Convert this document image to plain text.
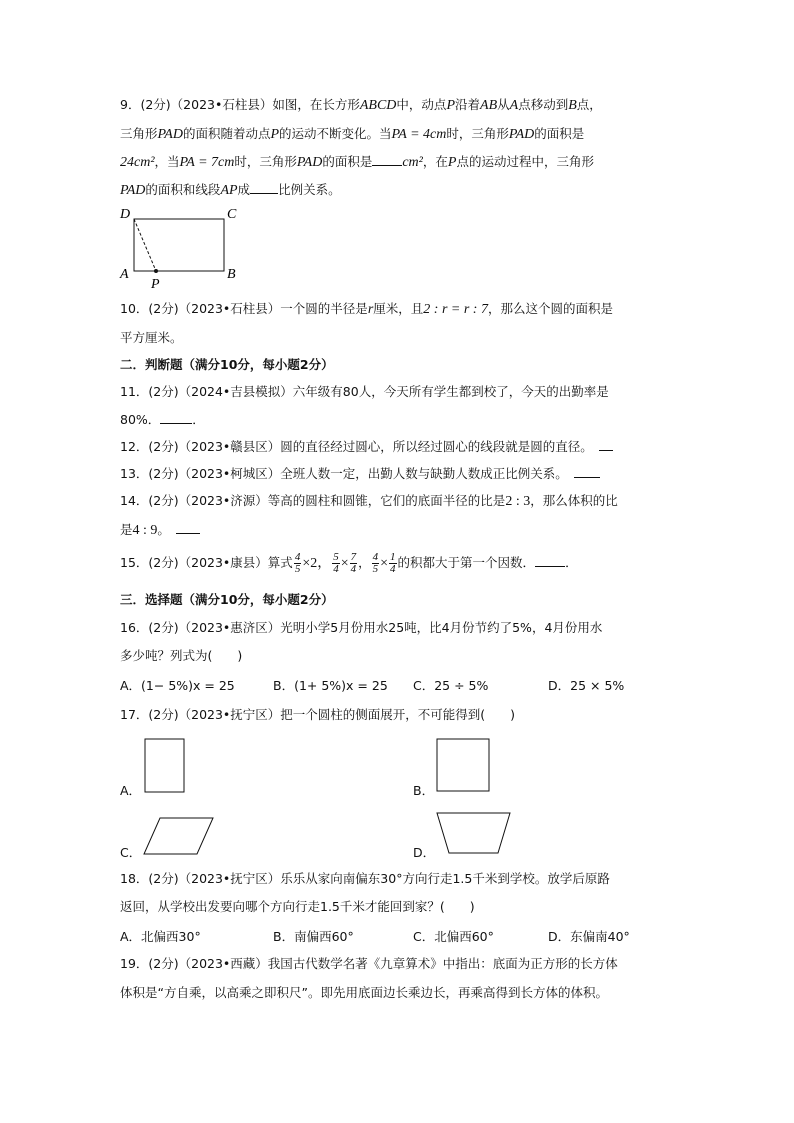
9．(2分)（2023•石柱县）如图，在长方形ABCD中，动点P沿着AB从A点移动到B点，
三角形PAD的面积随着动点P的运动不断变化。当PA = 4cm时，三角形PAD的面积是
24cm²，当PA = 7cm时，三角形PAD的面积是 cm²，在P点的运动过程中，三角形
PAD的面积和线段AP成 比例关系。
D	C
A	B
P
10．(2分)（2023•石柱县）一个圆的半径是r厘米，且2 : r = r : 7，那么这个圆的面积是
平方厘米。
二．判断题（满分10分，每小题2分）
11．(2分)（2024•吉县模拟）六年级有80人，今天所有学生都到校了，今天的出勤率是
80%．	．
12．(2分)（2023•赣县区）圆的直径经过圆心，所以经过圆心的线段就是圆的直径。
13．(2分)（2023•柯城区）全班人数一定，出勤人数与缺勤人数成正比例关系。
14．(2分)（2023•济源）等高的圆柱和圆锥，它们的底面半径的比是2 : 3，那么体积的比
是4 : 9。
15．(2分)（2023•康县）算式 $\frac{4}{5} \times 2$， $\frac{5}{4} \times \frac{7}{4}$ ， $\frac{4}{5} \times \frac{1}{4}$ 的积都大于第一个因数． ．
三．选择题（满分10分，每小题2分）
16．(2分)（2023•惠济区）光明小学5月份用水25吨，比4月份节约了5%，4月份用水
多少吨？列式为(　　)
A．(1− 5%)x = 25	B．(1+ 5%)x = 25 C．25 ÷ 5%	D．25 × 5%
17．(2分)（2023•抚宁区）把一个圆柱的侧面展开，不可能得到(　　)
A．	B．
C．	D．
18．(2分)（2023•抚宁区）乐乐从家向南偏东30°方向行走1.5千米到学校。放学后原路
返回，从学校出发要向哪个方向行走1.5千米才能回到家？(　　)
A．北偏西30°	B．南偏西60°	C．北偏西60°	D．东偏南40°
19．(2分)（2023•西藏）我国古代数学名著《九章算术》中指出：底面为正方形的长方体
体积是“方自乘，以高乘之即积尺”。即先用底面边长乘边长，再乘高得到长方体的体积。
